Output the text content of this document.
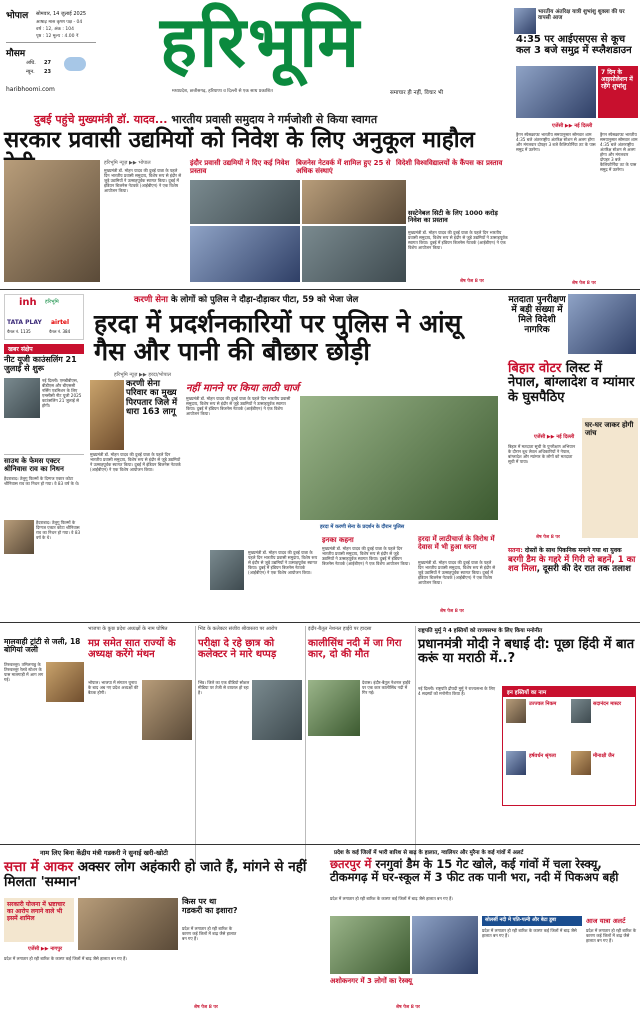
भोपाल सोमवार, 14 जुलाई 2025
आषाढ़ मास कृष्ण पक्ष - 04
वर्ष : 12, अंक : 104
पृष्ठ : 12 मूल्य : 4.00 ₹
मौसम
अधि. 27
न्यून. 23
haribhoomi.com
हरिभूमि
मध्यप्रदेश, छत्तीसगढ़, हरियाणा व दिल्ली से एक साथ प्रकाशित	समाचार ही नहीं, विचार भी
भारतीय अंतरिक्ष यात्री शुभांशु शुक्ला की घर वापसी आज
4:35 पर आईएसएस से कूच कल 3 बजे समुद्र में स्प्लैशडाउन
7 दिन के आइसोलेशन में रहेंगे शुभांशु
एजेंसी ▶▶ नई दिल्ली
ड्रैगन स्पेसक्राफ्ट भारतीय समयानुसार सोमवार शाम 4:35 बजे अंतरराष्ट्रीय अंतरिक्ष स्टेशन से अलग होगा और मंगलवार दोपहर 3 बजे कैलिफोर्निया तट के पास समुद्र में उतरेगा।
ड्रैगन स्पेसक्राफ्ट भारतीय समयानुसार सोमवार शाम 4:35 बजे अंतरराष्ट्रीय अंतरिक्ष स्टेशन से अलग होगा और मंगलवार दोपहर 3 बजे कैलिफोर्निया तट के पास समुद्र में उतरेगा।
शेष पेज 8 पर
दुबई पहुंचे मुख्यमंत्री डॉ. यादव... भारतीय प्रवासी समुदाय ने गर्मजोशी से किया स्वागत
सरकार प्रवासी उद्यमियों को निवेश के लिए अनुकूल माहौल
हरिभूमि न्यूज़ ▶▶ भोपाल
मुख्यमंत्री डॉ. मोहन यादव की दुबई यात्रा के पहले दिन भारतीय प्रवासी समुदाय, विशेष रूप से इंदौर से जुड़े उद्यमियों ने उत्साहपूर्वक स्वागत किया। दुबई में इंडियन बिजनेस नेटवर्क (आईबीएन) ने एक विशेष आयोजन किया।
इंदौर प्रवासी उद्यमियों ने दिए कई निवेश प्रस्ताव
बिजनेस नेटवर्क में शामिल हुए 25 से अधिक संस्थाएं
विदेशी विश्वविद्यालयों के कैंपस का प्रस्ताव
सस्टेनेबल सिटी के लिए 1000 करोड़ निवेश का प्रस्ताव
मुख्यमंत्री डॉ. मोहन यादव की दुबई यात्रा के पहले दिन भारतीय प्रवासी समुदाय, विशेष रूप से इंदौर से जुड़े उद्यमियों ने उत्साहपूर्वक स्वागत किया। दुबई में इंडियन बिजनेस नेटवर्क (आईबीएन) ने एक विशेष आयोजन किया।
शेष पेज 8 पर
inh हरिभूमि
TATA PLAY airtel
चैनल नं. 1135	चैनल नं. 384
करणी सेना के लोगों को पुलिस ने दौड़ा-दौड़ाकर पीटा, 59 को भेजा जेल
हरदा में प्रदर्शनकारियों पर पुलिस ने आंसू गैस और पानी की बौछार छोड़ी
हरिभूमि न्यूज़ ▶▶ हरदा/भोपाल
करणी सेना परिवार का मुख्य पिरपतार जिले में धारा 163 लागू
मुख्यमंत्री डॉ. मोहन यादव की दुबई यात्रा के पहले दिन भारतीय प्रवासी समुदाय, विशेष रूप से इंदौर से जुड़े उद्यमियों ने उत्साहपूर्वक स्वागत किया। दुबई में इंडियन बिजनेस नेटवर्क (आईबीएन) ने एक विशेष आयोजन किया।
नहीं मानने पर किया लाठी चार्ज
मुख्यमंत्री डॉ. मोहन यादव की दुबई यात्रा के पहले दिन भारतीय प्रवासी समुदाय, विशेष रूप से इंदौर से जुड़े उद्यमियों ने उत्साहपूर्वक स्वागत किया। दुबई में इंडियन बिजनेस नेटवर्क (आईबीएन) ने एक विशेष आयोजन किया।
हरदा में करणी सेना के प्रदर्शन के दौरान पुलिस
मुख्यमंत्री डॉ. मोहन यादव की दुबई यात्रा के पहले दिन भारतीय प्रवासी समुदाय, विशेष रूप से इंदौर से जुड़े उद्यमियों ने उत्साहपूर्वक स्वागत किया। दुबई में इंडियन बिजनेस नेटवर्क (आईबीएन) ने एक विशेष आयोजन किया।
इनका कहना
मुख्यमंत्री डॉ. मोहन यादव की दुबई यात्रा के पहले दिन भारतीय प्रवासी समुदाय, विशेष रूप से इंदौर से जुड़े उद्यमियों ने उत्साहपूर्वक स्वागत किया। दुबई में इंडियन बिजनेस नेटवर्क (आईबीएन) ने एक विशेष आयोजन किया।
हरदा में लाठीचार्ज के विरोध में देवास में भी हुआ धरना
मुख्यमंत्री डॉ. मोहन यादव की दुबई यात्रा के पहले दिन भारतीय प्रवासी समुदाय, विशेष रूप से इंदौर से जुड़े उद्यमियों ने उत्साहपूर्वक स्वागत किया। दुबई में इंडियन बिजनेस नेटवर्क (आईबीएन) ने एक विशेष आयोजन किया।
शेष पेज 8 पर
मतदाता पुनरीक्षण में बड़ी संख्या में मिले विदेशी नागरिक
बिहार वोटर लिस्ट में नेपाल, बांग्लादेश व म्यांमार के घुसपैठिए
एजेंसी ▶▶ नई दिल्ली
बिहार में मतदाता सूची के पुनरीक्षण अभियान के दौरान बूथ लेवल अधिकारियों ने नेपाल, बांग्लादेश और म्यांमार के लोगों को मतदाता सूची में पाया।
घर-घर जाकर होगी जांच
शेष पेज 8 पर
सतना: दोस्तों के साथ पिकनिक मनाने गया था युवक
बरगी डैम के गहरे में गिरी दो बहनें, 1 का शव मिला, दूसरी की देर रात तक तलाश
खबर संक्षेप
नीट यूजी काउंसलिंग 21 जुलाई से शुरू
नई दिल्ली। एमबीबीएस, बीडीएस और बीएससी नर्सिंग एडमिशन के लिए एमसीसी नीट यूजी 2025 काउंसलिंग 21 जुलाई से होगी।
साउथ के फेमस एक्टर श्रीनिवास राव का निधन
हैदराबाद। तेलुगु फिल्मों के दिग्गज एक्टर कोटा श्रीनिवास राव का निधन हो गया। वे 83 वर्ष के थे।
हैदराबाद। तेलुगु फिल्मों के दिग्गज एक्टर कोटा श्रीनिवास राव का निधन हो गया। वे 83 वर्ष के थे।
मालवाही ट्रांटी से जली, 18 बोगियां जली
तिरुवल्लूर। तमिलनाडु के तिरुवल्लूर रेलवे स्टेशन के पास मालगाड़ी में आग लग गई।
भाजपा के कुछ प्रदेश अध्यक्षों के नाम घोषित
मप्र समेत सात राज्यों के अध्यक्ष करेंगे मंथन
भोपाल। भाजपा में संगठन चुनाव के बाद अब नए प्रदेश अध्यक्षों की बैठक होगी।
भिंड के कलेक्टर संजीव श्रीवास्तव पर आरोप
परीक्षा दे रहे छात्र को कलेक्टर ने मारे थप्पड़
भिंड। जिले का एक वीडियो सोशल मीडिया पर तेजी से वायरल हो रहा है।
इंदौर-बैतूल नेशनल हाईवे पर हादसा
कालीसिंध नदी में जा गिरा कार, दो की मौत
देवास। इंदौर-बैतूल नेशनल हाईवे पर एक कार कालीसिंध नदी में गिर गई।
राष्ट्रपति मुर्मु ने 4 हस्तियों को राज्यसभा के लिए किया मनोनीत
प्रधानमंत्री मोदी ने बधाई दी: पूछा हिंदी में बात करूं या मराठी में..?
नई दिल्ली। राष्ट्रपति द्रौपदी मुर्मु ने राज्यसभा के लिए 4 सदस्यों को मनोनीत किया है।	इन हस्तियों का नाम
उज्ज्वल निकम	सदानंदन मास्टर
हर्षवर्धन श्रृंगला	मीनाक्षी जैन
नाम लिए बिना केंद्रीय मंत्री गडकरी ने सुनाई खरी-खोटी
सत्ता में आकर अक्सर लोग अहंकारी हो जाते हैं, मांगने से नहीं मिलता 'सम्मान'
सरकारी योजना में भ्रष्टाचार का आरोप लगाने वाले भी इसमें शामिल
एजेंसी ▶▶ नागपुर
किस पर था गडकरी का इशारा?
प्रदेश में लगातार हो रही बारिश के कारण कई जिलों में बाढ़ जैसे हालात बन गए हैं।
प्रदेश में लगातार हो रही बारिश के कारण कई जिलों में बाढ़ जैसे हालात बन गए हैं।
शेष पेज 8 पर
प्रदेश के कई जिलों में भारी बारिश से बाढ़ के हालात, ग्वालियर और मुरैना के कई गांवों में अलर्ट
छतरपुर में रनगुवां डैम के 15 गेट खोले, कई गांवों में चला रेस्क्यू, टीकमगढ़ में घर-स्कूल में 3 फीट तक पानी भरा, नदी में पिकअप बही
प्रदेश में लगातार हो रही बारिश के कारण कई जिलों में बाढ़ जैसे हालात बन गए हैं।
अशोकनगर में 3 लोगों का रेस्क्यू
सोलर्सी नदी में पति-पत्नी और बेटा डूबा
प्रदेश में लगातार हो रही बारिश के कारण कई जिलों में बाढ़ जैसे हालात बन गए हैं।
आज यात्रा अलर्ट
प्रदेश में लगातार हो रही बारिश के कारण कई जिलों में बाढ़ जैसे हालात बन गए हैं।
शेष पेज 8 पर
